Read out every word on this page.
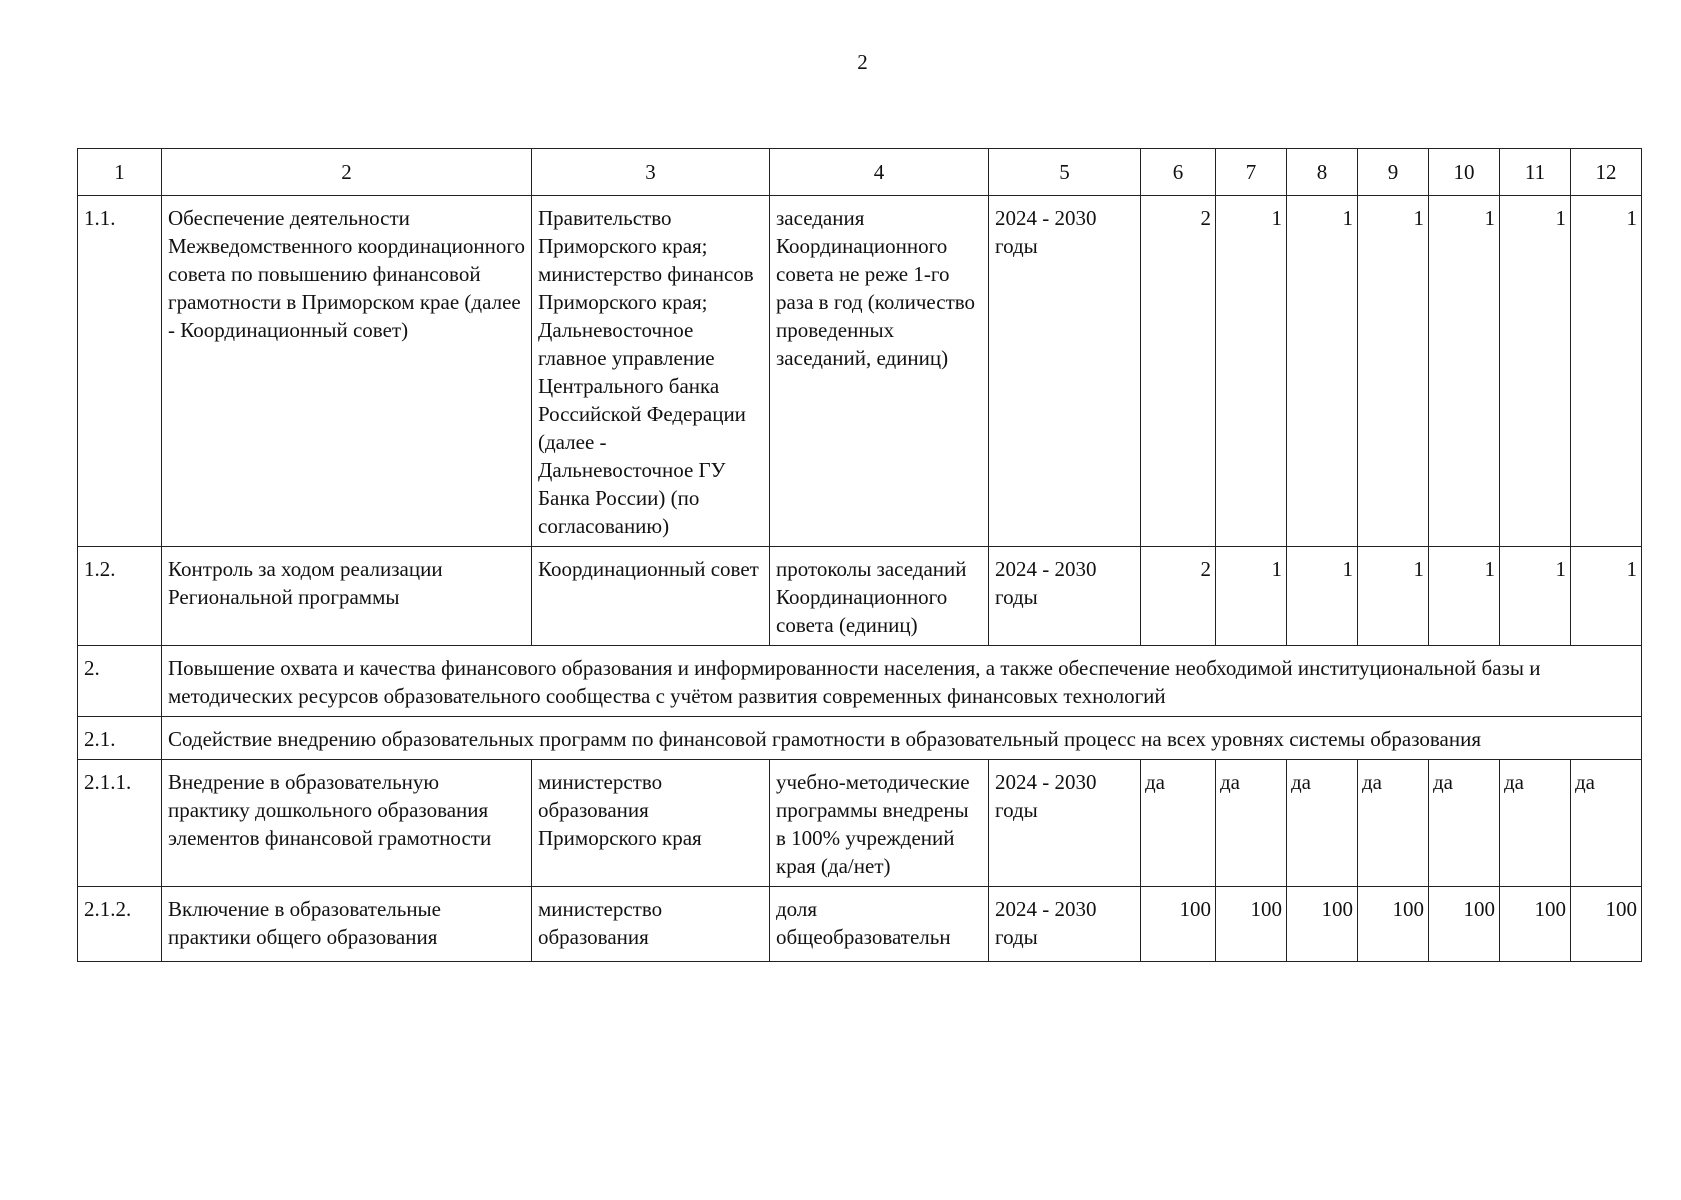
2
1	2	3	4	5	6	7	8	9	10	11	12
1.1.	Обеспечение деятельности Межведомственного координационного совета по повышению финансовой грамотности в Приморском крае (далее - Координационный совет)	Правительство Приморского края; министерство финансов Приморского края; Дальневосточное главное управление Центрального банка Российской Федерации (далее - Дальневосточное ГУ Банка России) (по согласованию)	заседания Координационного совета не реже 1-го раза в год (количество проведенных заседаний, единиц)	2024 - 2030 годы	2	1	1	1	1	1	1
1.2.	Контроль за ходом реализации Региональной программы	Координационный совет	протоколы заседаний Координационного совета (единиц)	2024 - 2030 годы	2	1	1	1	1	1	1
2.	Повышение охвата и качества финансового образования и информированности населения, а также обеспечение необходимой институциональной базы и методических ресурсов образовательного сообщества с учётом развития современных финансовых технологий										
2.1.	Содействие внедрению образовательных программ по финансовой грамотности в образовательный процесс на всех уровнях системы образования										
2.1.1.	Внедрение в образовательную практику дошкольного образования элементов финансовой грамотности	министерство образования Приморского края	учебно-методические программы внедрены в 100% учреждений края (да/нет)	2024 - 2030 годы	да	да	да	да	да	да	да
2.1.2.	Включение в образовательные практики общего образования	министерство образования	доля общеобразовательн	2024 - 2030 годы	100	100	100	100	100	100	100
